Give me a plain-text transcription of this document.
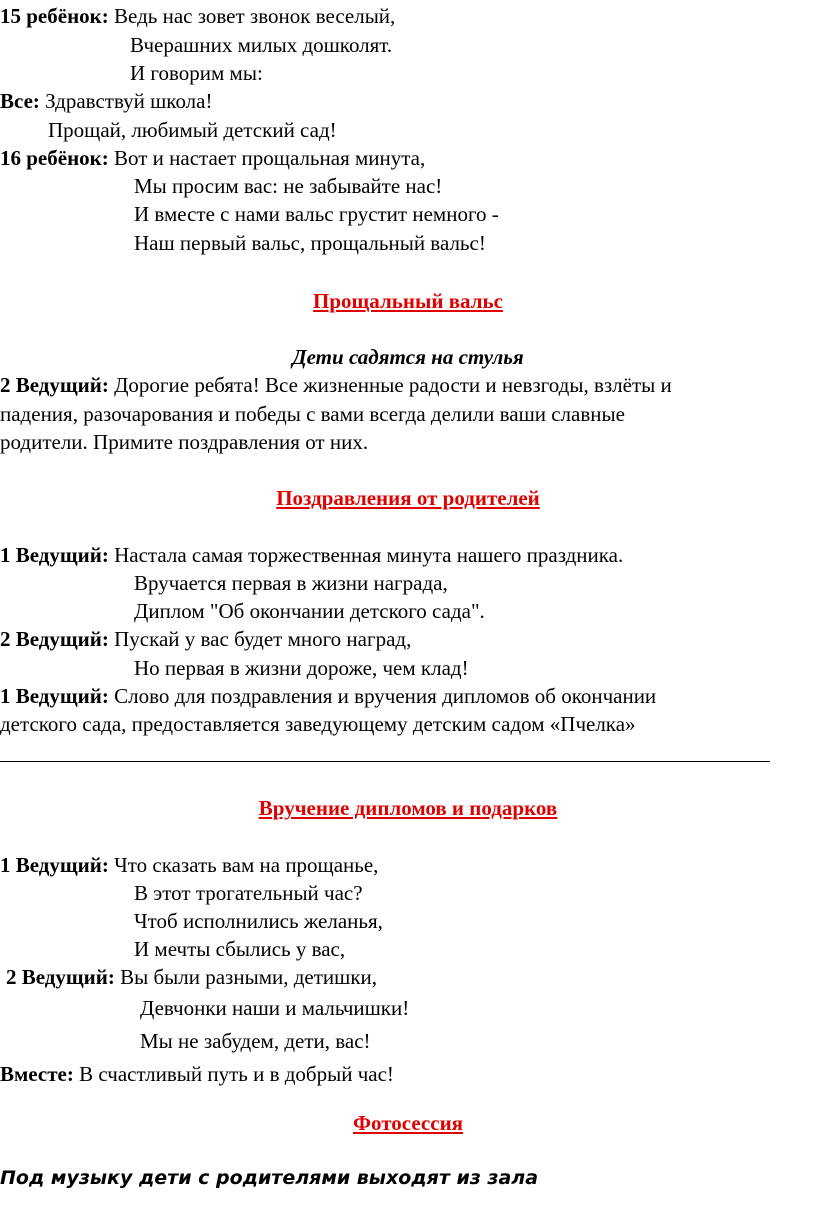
15 ребёнок: Ведь нас зовет звонок веселый,
Вчерашних милых дошколят.
И говорим мы:
Все: Здравствуй школа!
Прощай, любимый детский сад!
16 ребёнок: Вот и настает прощальная минута,
Мы просим вас: не забывайте нас!
И вместе с нами вальс грустит немного -
Наш первый вальс, прощальный вальс!
Прощальный вальс
Дети садятся на стулья
2 Ведущий: Дорогие ребята! Все жизненные радости и невзгоды, взлёты и
падения, разочарования и победы с вами всегда делили ваши славные
родители. Примите поздравления от них.
Поздравления от родителей
1 Ведущий: Настала самая торжественная минута нашего праздника.
Вручается первая в жизни награда,
Диплом "Об окончании детского сада".
2 Ведущий: Пускай у вас будет много наград,
Но первая в жизни дороже, чем клад!
1 Ведущий: Слово для поздравления и вручения дипломов об окончании
детского сада, предоставляется заведующему детским садом «Пчелка»
Вручение дипломов и подарков
1 Ведущий: Что сказать вам на прощанье,
В этот трогательный час?
Чтоб исполнились желанья,
И мечты сбылись у вас,
2 Ведущий: Вы были разными, детишки,
Девчонки наши и мальчишки!
Мы не забудем, дети, вас!
Вместе: В счастливый путь и в добрый час!
Фотосессия
Под музыку дети с родителями выходят из зала
